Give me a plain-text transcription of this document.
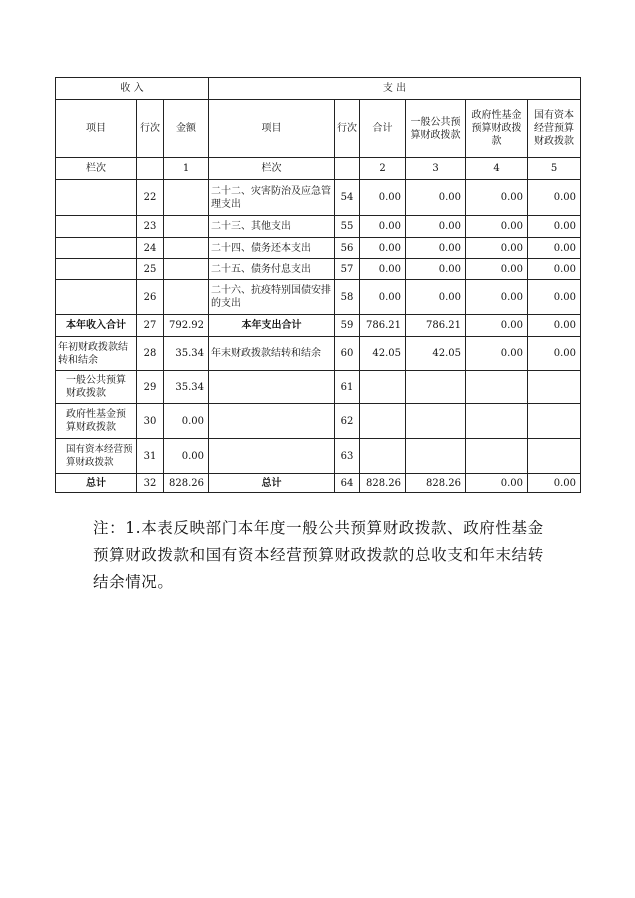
收 入			支 出					
项目	行次	金额	项目	行次	合计	一般公共预算财政拨款	政府性基金预算财政拨款	国有资本经营预算财政拨款
栏次		1	栏次		2	3	4	5
	22		二十二、灾害防治及应急管理支出	54	0.00	0.00	0.00	0.00
	23		二十三、其他支出	55	0.00	0.00	0.00	0.00
	24		二十四、债务还本支出	56	0.00	0.00	0.00	0.00
	25		二十五、债务付息支出	57	0.00	0.00	0.00	0.00
	26		二十六、抗疫特别国债安排的支出	58	0.00	0.00	0.00	0.00
本年收入合计	27	792.92	本年支出合计	59	786.21	786.21	0.00	0.00
年初财政拨款结转和结余	28	35.34	年末财政拨款结转和结余	60	42.05	42.05	0.00	0.00
一般公共预算财政拨款	29	35.34		61				
政府性基金预算财政拨款	30	0.00		62				
国有资本经营预算财政拨款	31	0.00		63				
总计	32	828.26	总计	64	828.26	828.26	0.00	0.00
注：1.本表反映部门本年度一般公共预算财政拨款、政府性基金预算财政拨款和国有资本经营预算财政拨款的总收支和年末结转结余情况。
